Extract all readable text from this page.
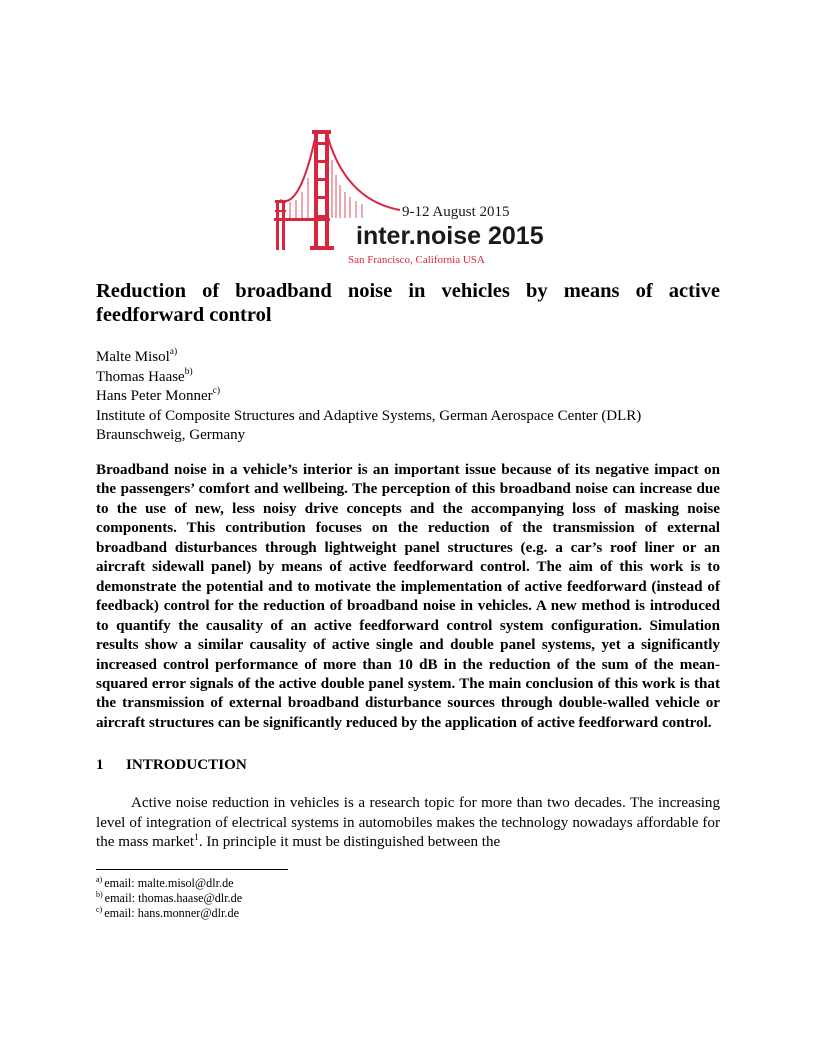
9-12 August 2015
inter.noise 2015
San Francisco, California USA
Reduction of broadband noise in vehicles by means of active feedforward control
Malte Misol$^{a)}$
Thomas Haase$^{b)}$
Hans Peter Monner$^{c)}$
Institute of Composite Structures and Adaptive Systems, German Aerospace Center (DLR)
Braunschweig, Germany

Broadband noise in a vehicle’s interior is an important issue because of its negative impact on the passengers’ comfort and wellbeing. The perception of this broadband noise can increase due to the use of new, less noisy drive concepts and the accompanying loss of masking noise components. This contribution focuses on the reduction of the transmission of external broadband disturbances through lightweight panel structures (e.g. a car’s roof liner or an aircraft sidewall panel) by means of active feedforward control. The aim of this work is to demonstrate the potential and to motivate the implementation of active feedforward (instead of feedback) control for the reduction of broadband noise in vehicles. A new method is introduced to quantify the causality of an active feedforward control system configuration. Simulation results show a similar causality of active single and double panel systems, yet a significantly increased control performance of more than 10 dB in the reduction of the sum of the mean-squared error signals of the active double panel system. The main conclusion of this work is that the transmission of external broadband disturbance sources through double-walled vehicle or aircraft structures can be significantly reduced by the application of active feedforward control.

1 INTRODUCTION

Active noise reduction in vehicles is a research topic for more than two decades. The increasing level of integration of electrical systems in automobiles makes the technology nowadays affordable for the mass market$^1$. In principle it must be distinguished between the

$^{a)}$ email: malte.misol@dlr.de
$^{b)}$ email: thomas.haase@dlr.de
$^{c)}$ email: hans.monner@dlr.de
